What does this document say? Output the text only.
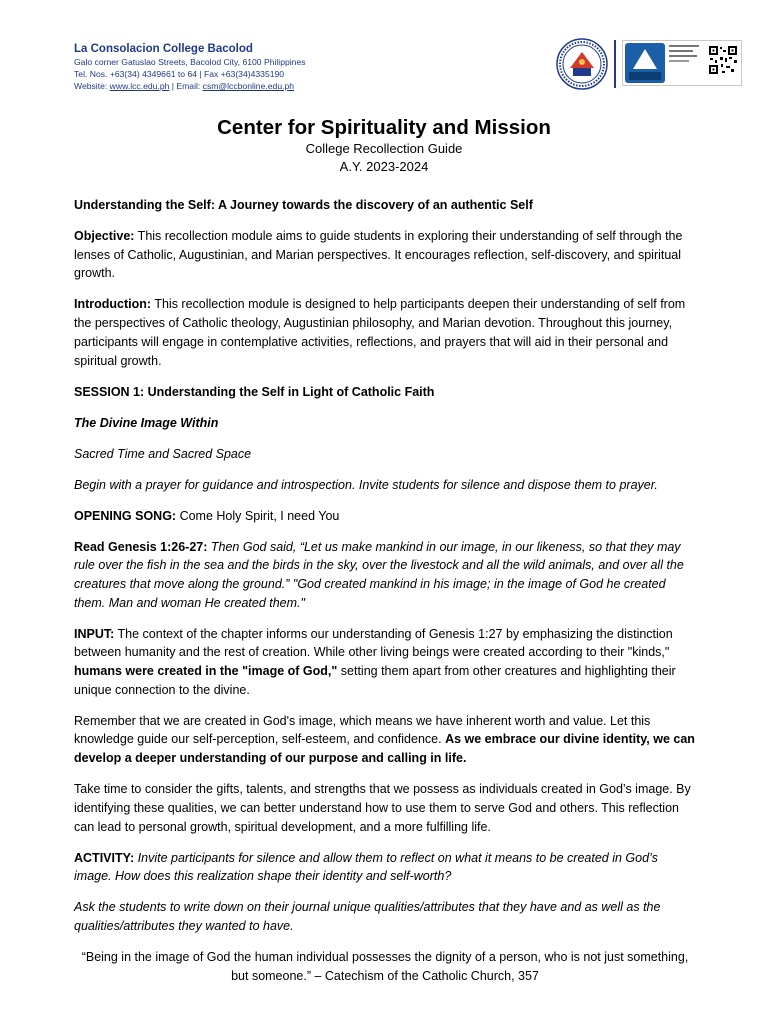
La Consolacion College Bacolod
Galo corner Gatuslao Streets, Bacolod City, 6100 Philippines
Tel. Nos. +63(34) 4349661 to 64 | Fax +63(34)4335190
Website: www.lcc.edu.ph | Email: csm@lccbonline.edu.ph
Center for Spirituality and Mission
College Recollection Guide
A.Y. 2023-2024

Understanding the Self: A Journey towards the discovery of an authentic Self

Objective: This recollection module aims to guide students in exploring their understanding of self through the lenses of Catholic, Augustinian, and Marian perspectives. It encourages reflection, self-discovery, and spiritual growth.

Introduction: This recollection module is designed to help participants deepen their understanding of self from the perspectives of Catholic theology, Augustinian philosophy, and Marian devotion. Throughout this journey, participants will engage in contemplative activities, reflections, and prayers that will aid in their personal and spiritual growth.

SESSION 1: Understanding the Self in Light of Catholic Faith

The Divine Image Within

Sacred Time and Sacred Space

Begin with a prayer for guidance and introspection. Invite students for silence and dispose them to prayer.

OPENING SONG: Come Holy Spirit, I need You

Read Genesis 1:26-27: Then God said, “Let us make mankind in our image, in our likeness, so that they may rule over the fish in the sea and the birds in the sky, over the livestock and all the wild animals, and over all the creatures that move along the ground.” "God created mankind in his image; in the image of God he created them. Man and woman He created them."

INPUT: The context of the chapter informs our understanding of Genesis 1:27 by emphasizing the distinction between humanity and the rest of creation. While other living beings were created according to their "kinds," humans were created in the "image of God," setting them apart from other creatures and highlighting their unique connection to the divine.

Remember that we are created in God's image, which means we have inherent worth and value. Let this knowledge guide our self-perception, self-esteem, and confidence. As we embrace our divine identity, we can develop a deeper understanding of our purpose and calling in life.

Take time to consider the gifts, talents, and strengths that we possess as individuals created in God’s image. By identifying these qualities, we can better understand how to use them to serve God and others. This reflection can lead to personal growth, spiritual development, and a more fulfilling life.

ACTIVITY: Invite participants for silence and allow them to reflect on what it means to be created in God’s image. How does this realization shape their identity and self-worth?

Ask the students to write down on their journal unique qualities/attributes that they have and as well as the qualities/attributes they wanted to have.

“Being in the image of God the human individual possesses the dignity of a person, who is not just something, but someone.” – Catechism of the Catholic Church, 357
